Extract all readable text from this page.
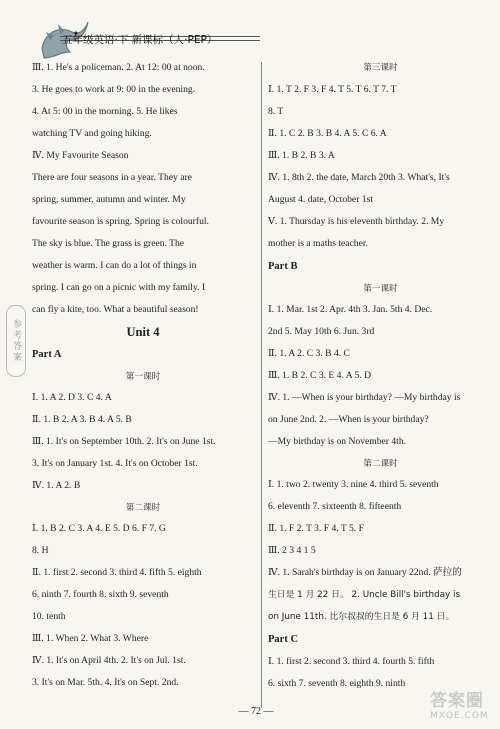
五年级英语·下 新课标（人·PEP）
参考答案
Ⅲ. 1. He's a policeman. 2. At 12: 00 at noon.
3. He goes to work at 9: 00 in the evening.
4. At 5: 00 in the morning. 5. He likes
watching TV and going hiking.
Ⅳ. My Favourite Season
There are four seasons in a year. They are
spring, summer, autumn and winter. My
favourite season is spring. Spring is colourful.
The sky is blue. The grass is green. The
weather is warm. I can do a lot of things in
spring. I can go on a picnic with my family. I
can fly a kite, too. What a beautiful season!
Unit 4
Part A
第一课时
Ⅰ. 1. A 2. D 3. C 4. A
Ⅱ. 1. B 2. A 3. B 4. A 5. B
Ⅲ. 1. It's on September 10th. 2. It's on June 1st.
3. It's on January 1st. 4. It's on October 1st.
Ⅳ. 1. A 2. B
第二课时
Ⅰ. 1. B 2. C 3. A 4. E 5. D 6. F 7. G
8. H
Ⅱ. 1. first 2. second 3. third 4. fifth 5. eighth
6. ninth 7. fourth 8. sixth 9. seventh
10. tenth
Ⅲ. 1. When 2. What 3. Where
Ⅳ. 1. It's on April 4th. 2. It's on Jul. 1st.
3. It's on Mar. 5th. 4. It's on Sept. 2nd.
第三课时
Ⅰ. 1. T 2. F 3. F 4. T 5. T 6. T 7. T
8. T
Ⅱ. 1. C 2. B 3. B 4. A 5. C 6. A
Ⅲ. 1. B 2. B 3. A
Ⅳ. 1. 8th 2. the date, March 20th 3. What's, It's
August 4. date, October 1st
Ⅴ. 1. Thursday is his eleventh birthday. 2. My
mother is a maths teacher.
Part B
第一课时
Ⅰ. 1. Mar. 1st 2. Apr. 4th 3. Jan. 5th 4. Dec.
2nd 5. May 10th 6. Jun. 3rd
Ⅱ. 1. A 2. C 3. B 4. C
Ⅲ. 1. B 2. C 3. E 4. A 5. D
Ⅳ. 1. —When is your birthday? —My birthday is
on June 2nd. 2. —When is your birthday?
—My birthday is on November 4th.
第二课时
Ⅰ. 1. two 2. twenty 3. nine 4. third 5. seventh
6. eleventh 7. sixteenth 8. fifteenth
Ⅱ. 1. F 2. T 3. F 4. T 5. F
Ⅲ. 2 3 4 1 5
Ⅳ. 1. Sarah's birthday is on January 22nd. 萨拉的
生日是 1 月 22 日。 2. Uncle Bill's birthday is
on June 11th. 比尔叔叔的生日是 6 月 11 日。
Part C
Ⅰ. 1. first 2. second 3. third 4. fourth 5. fifth
6. sixth 7. seventh 8. eighth 9. ninth
— 72 —
答案圈
MXQE.COM
